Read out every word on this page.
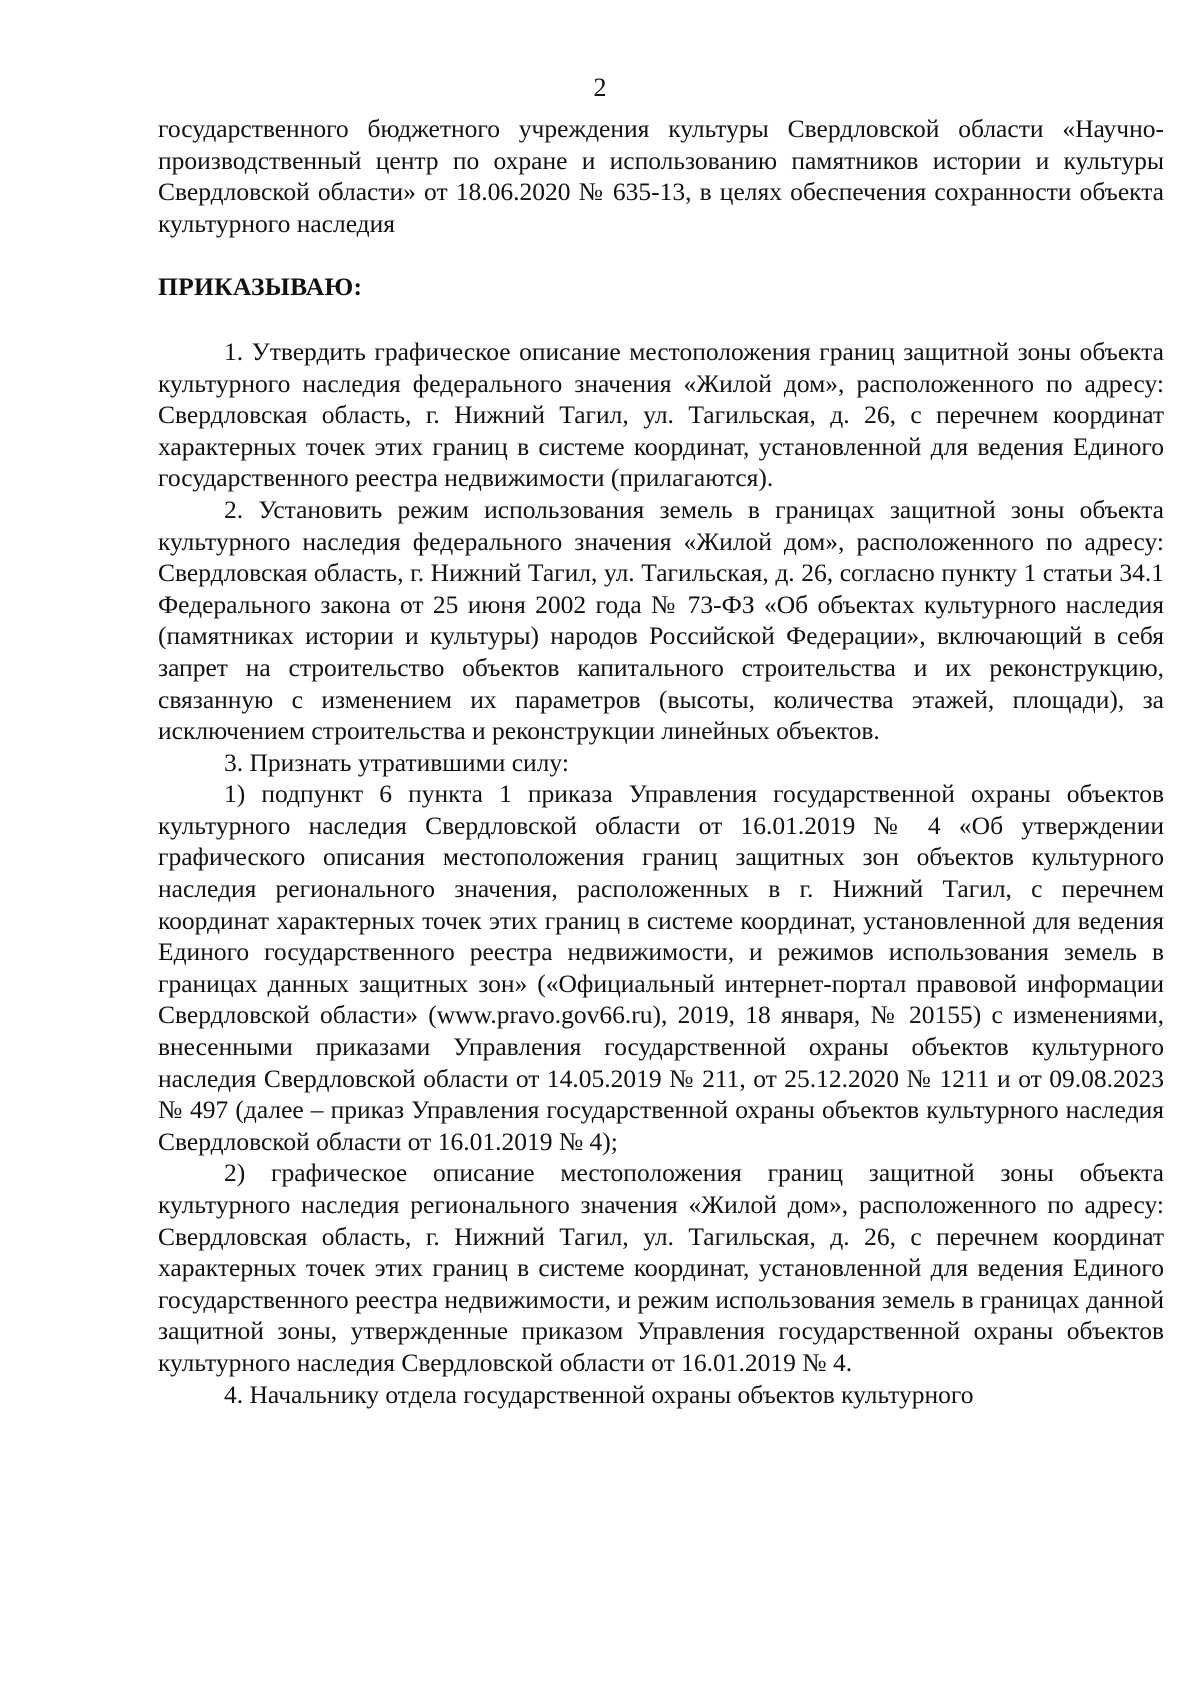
2

государственного бюджетного учреждения культуры Свердловской области «Научно-производственный центр по охране и использованию памятников истории и культуры Свердловской области» от 18.06.2020 № 635-13, в целях обеспечения сохранности объекта культурного наследия

ПРИКАЗЫВАЮ:

1. Утвердить графическое описание местоположения границ защитной зоны объекта культурного наследия федерального значения «Жилой дом», расположенного по адресу: Свердловская область, г. Нижний Тагил, ул. Тагильская, д. 26, с перечнем координат характерных точек этих границ в системе координат, установленной для ведения Единого государственного реестра недвижимости (прилагаются).

2. Установить режим использования земель в границах защитной зоны объекта культурного наследия федерального значения «Жилой дом», расположенного по адресу: Свердловская область, г. Нижний Тагил, ул. Тагильская, д. 26, согласно пункту 1 статьи 34.1 Федерального закона от 25 июня 2002 года № 73-ФЗ «Об объектах культурного наследия (памятниках истории и культуры) народов Российской Федерации», включающий в себя запрет на строительство объектов капитального строительства и их реконструкцию, связанную с изменением их параметров (высоты, количества этажей, площади), за исключением строительства и реконструкции линейных объектов.

3. Признать утратившими силу:

1) подпункт 6 пункта 1 приказа Управления государственной охраны объектов культурного наследия Свердловской области от 16.01.2019 № 4 «Об утверждении графического описания местоположения границ защитных зон объектов культурного наследия регионального значения, расположенных в г. Нижний Тагил, с перечнем координат характерных точек этих границ в системе координат, установленной для ведения Единого государственного реестра недвижимости, и режимов использования земель в границах данных защитных зон» («Официальный интернет-портал правовой информации Свердловской области» (www.pravo.gov66.ru), 2019, 18 января, № 20155) с изменениями, внесенными приказами Управления государственной охраны объектов культурного наследия Свердловской области от 14.05.2019 № 211, от 25.12.2020 № 1211 и от 09.08.2023 № 497 (далее – приказ Управления государственной охраны объектов культурного наследия Свердловской области от 16.01.2019 № 4);

2) графическое описание местоположения границ защитной зоны объекта культурного наследия регионального значения «Жилой дом», расположенного по адресу: Свердловская область, г. Нижний Тагил, ул. Тагильская, д. 26, с перечнем координат характерных точек этих границ в системе координат, установленной для ведения Единого государственного реестра недвижимости, и режим использования земель в границах данной защитной зоны, утвержденные приказом Управления государственной охраны объектов культурного наследия Свердловской области от 16.01.2019 № 4.

4. Начальнику отдела государственной охраны объектов культурного
